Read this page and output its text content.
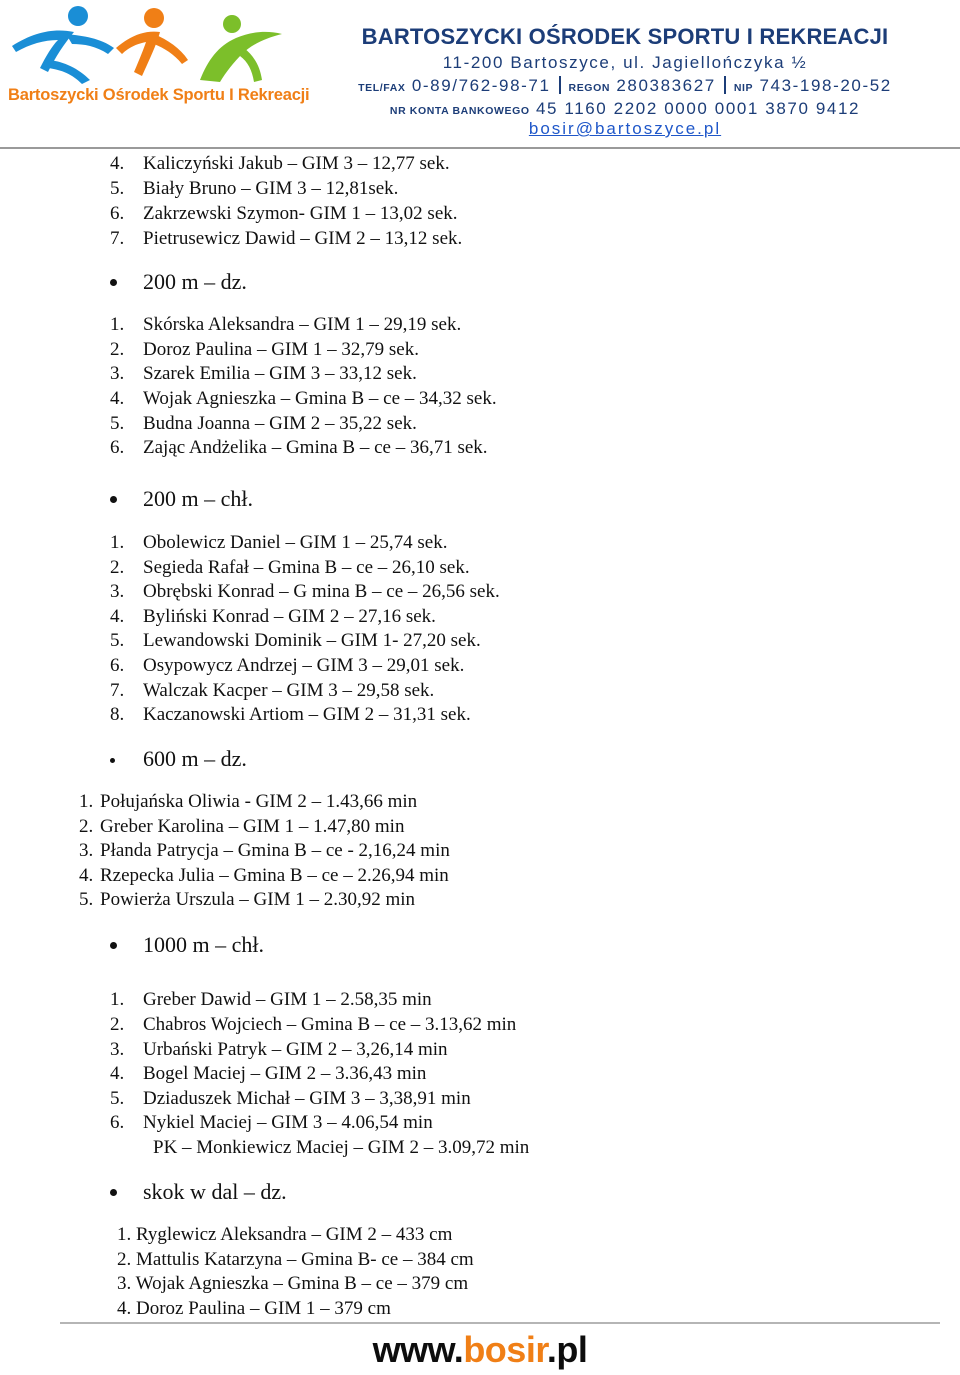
Bartoszycki Ośrodek Sportu I Rekreacji
BARTOSZYCKI OŚRODEK SPORTU I REKREACJI
11-200 Bartoszyce, ul. Jagiellończyka ½
TEL/FAX 0-89/762-98-71 REGON 280383627 NIP 743-198-20-52
NR KONTA BANKOWEGO 45 1160 2202 0000 0001 3870 9412
bosir@bartoszyce.pl
4. Kaliczyński Jakub – GIM 3 – 12,77 sek.
5. Biały Bruno – GIM 3 – 12,81sek.
6. Zakrzewski Szymon- GIM 1 – 13,02 sek.
7. Pietrusewicz Dawid – GIM 2 – 13,12 sek.
200 m – dz.
1. Skórska Aleksandra – GIM 1 – 29,19 sek.
2. Doroz Paulina – GIM 1 – 32,79 sek.
3. Szarek Emilia – GIM 3 – 33,12 sek.
4. Wojak Agnieszka – Gmina B – ce – 34,32 sek.
5. Budna Joanna – GIM 2 – 35,22 sek.
6. Zając Andżelika – Gmina B – ce – 36,71 sek.
200 m – chł.
1. Obolewicz Daniel – GIM 1 – 25,74 sek.
2. Segieda Rafał – Gmina B – ce – 26,10 sek.
3. Obrębski Konrad – G mina B – ce – 26,56 sek.
4. Byliński Konrad – GIM 2 – 27,16 sek.
5. Lewandowski Dominik – GIM 1- 27,20 sek.
6. Osypowycz Andrzej – GIM 3 – 29,01 sek.
7. Walczak Kacper – GIM 3 – 29,58 sek.
8. Kaczanowski Artiom – GIM 2 – 31,31 sek.
600 m – dz.
1. Połujańska Oliwia - GIM 2 – 1.43,66 min
2. Greber Karolina – GIM 1 – 1.47,80 min
3. Płanda Patrycja – Gmina B – ce - 2,16,24 min
4. Rzepecka Julia – Gmina B – ce – 2.26,94 min
5. Powierża Urszula – GIM 1 – 2.30,92 min
1000 m – chł.
1. Greber Dawid – GIM 1 – 2.58,35 min
2. Chabros Wojciech – Gmina B – ce – 3.13,62 min
3. Urbański Patryk – GIM 2 – 3,26,14 min
4. Bogel Maciej – GIM 2 – 3.36,43 min
5. Dziaduszek Michał – GIM 3 – 3,38,91 min
6. Nykiel Maciej – GIM 3 – 4.06,54 min
PK – Monkiewicz Maciej – GIM 2 – 3.09,72 min
skok w dal – dz.
1. Ryglewicz Aleksandra – GIM 2 – 433 cm
2. Mattulis Katarzyna – Gmina B- ce – 384 cm
3. Wojak Agnieszka – Gmina B – ce – 379 cm
4. Doroz Paulina – GIM 1 – 379 cm
www.bosir.pl
